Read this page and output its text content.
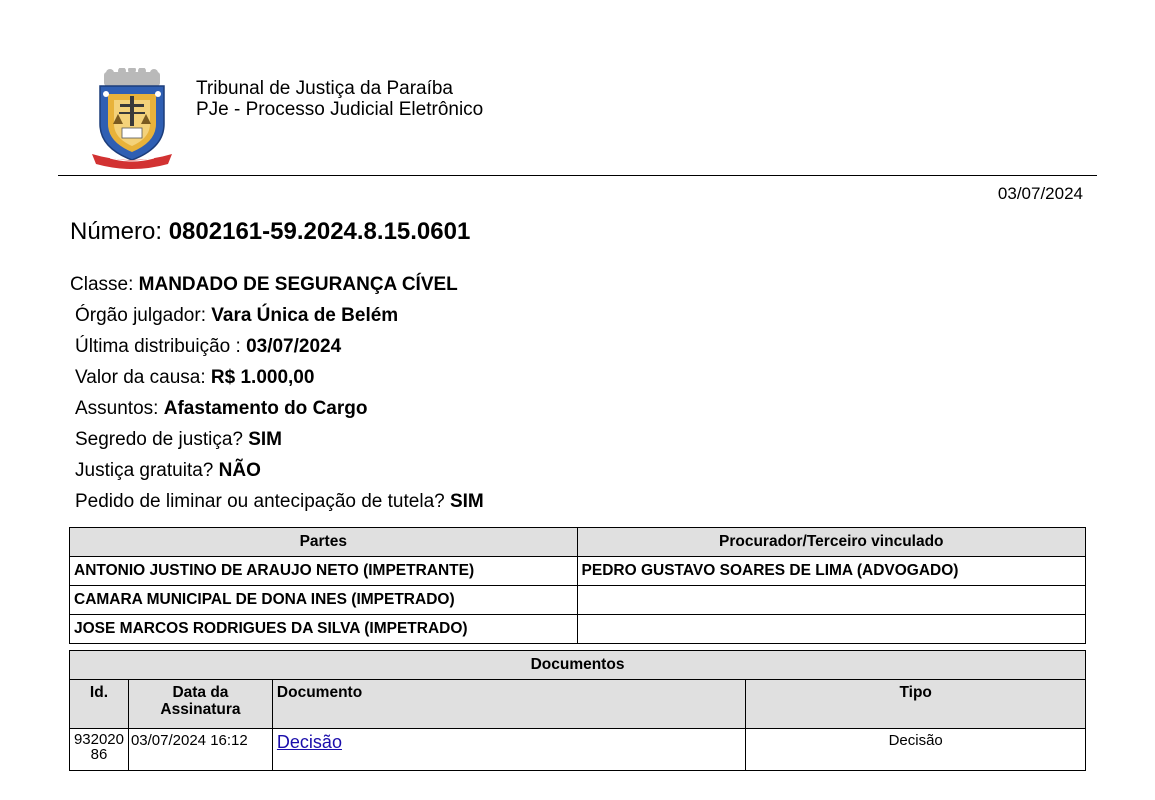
Tribunal de Justiça da Paraíba
PJe - Processo Judicial Eletrônico
03/07/2024
Número: 0802161-59.2024.8.15.0601
Classe: MANDADO DE SEGURANÇA CÍVEL
Órgão julgador: Vara Única de Belém
Última distribuição : 03/07/2024
Valor da causa: R$ 1.000,00
Assuntos: Afastamento do Cargo
Segredo de justiça? SIM
Justiça gratuita? NÃO
Pedido de liminar ou antecipação de tutela? SIM
Partes	Procurador/Terceiro vinculado
ANTONIO JUSTINO DE ARAUJO NETO (IMPETRANTE)	PEDRO GUSTAVO SOARES DE LIMA (ADVOGADO)
CAMARA MUNICIPAL DE DONA INES (IMPETRADO)	
JOSE MARCOS RODRIGUES DA SILVA (IMPETRADO)	
Documentos			
Id.	Data da Assinatura	Documento	Tipo
93202086	03/07/2024 16:12	Decisão	Decisão
